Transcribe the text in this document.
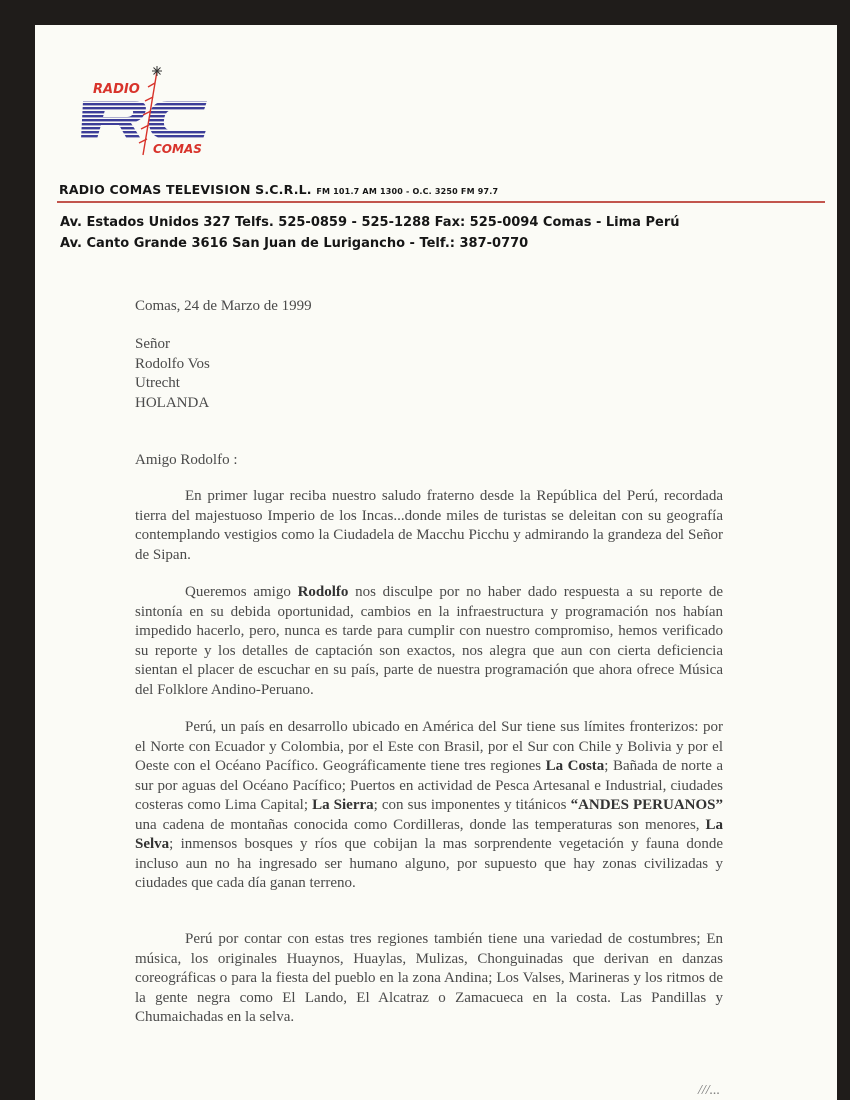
RADIO
COMAS
RADIO COMAS TELEVISION S.C.R.L. FM 101.7 AM 1300 - O.C. 3250 FM 97.7
Av. Estados Unidos 327 Telfs. 525-0859 - 525-1288 Fax: 525-0094 Comas - Lima Perú
Av. Canto Grande 3616 San Juan de Lurigancho - Telf.: 387-0770
Comas, 24 de Marzo de 1999
Señor
Rodolfo Vos
Utrecht
HOLANDA
Amigo Rodolfo :
En primer lugar reciba nuestro saludo fraterno desde la República del Perú, recordada tierra del majestuoso Imperio de los Incas...donde miles de turistas se deleitan con su geografía contemplando vestigios como la Ciudadela de Macchu Picchu y admirando la grandeza del Señor de Sipan.
Queremos amigo Rodolfo nos disculpe por no haber dado respuesta a su reporte de sintonía en su debida oportunidad, cambios en la infraestructura y programación nos habían impedido hacerlo, pero, nunca es tarde para cumplir con nuestro compromiso, hemos verificado su reporte y los detalles de captación son exactos, nos alegra que aun con cierta deficiencia sientan el placer de escuchar en su país, parte de nuestra programación que ahora ofrece Música del Folklore Andino-Peruano.
Perú, un país en desarrollo ubicado en América del Sur tiene sus límites fronterizos: por el Norte con Ecuador y Colombia, por el Este con Brasil, por el Sur con Chile y Bolivia y por el Oeste con el Océano Pacífico. Geográficamente tiene tres regiones La Costa; Bañada de norte a sur por aguas del Océano Pacífico; Puertos en actividad de Pesca Artesanal e Industrial, ciudades costeras como Lima Capital; La Sierra; con sus imponentes y titánicos “ANDES PERUANOS” una cadena de montañas conocida como Cordilleras, donde las temperaturas son menores, La Selva; inmensos bosques y ríos que cobijan la mas sorprendente vegetación y fauna donde incluso aun no ha ingresado ser humano alguno, por supuesto que hay zonas civilizadas y ciudades que cada día ganan terreno.
Perú por contar con estas tres regiones también tiene una variedad de costumbres; En música, los originales Huaynos, Huaylas, Mulizas, Chonguinadas que derivan en danzas coreográficas o para la fiesta del pueblo en la zona Andina; Los Valses, Marineras y los ritmos de la gente negra como El Lando, El Alcatraz o Zamacueca en la costa. Las Pandillas y Chumaichadas en la selva.
///...
